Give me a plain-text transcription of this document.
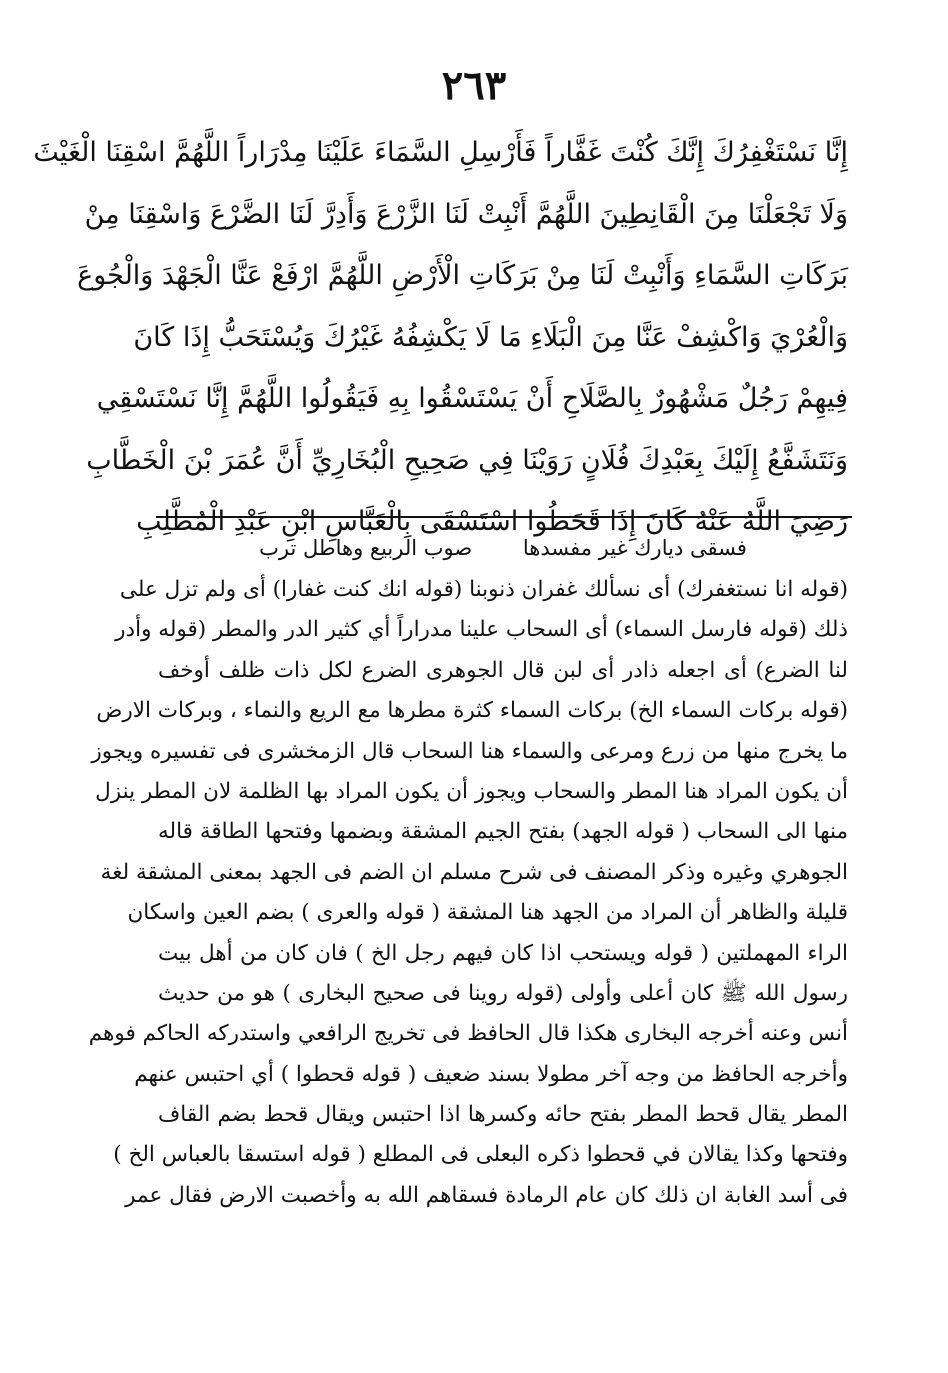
٢٦٣
إِنَّا نَسْتَغْفِرُكَ إِنَّكَ كُنْتَ غَفَّاراً فَأَرْسِلِ السَّمَاءَ عَلَيْنَا مِدْرَاراً اللَّهُمَّ اسْقِنَا الْغَيْثَ
وَلَا تَجْعَلْنَا مِنَ الْقَانِطِينَ اللَّهُمَّ أَنْبِتْ لَنَا الزَّرْعَ وَأَدِرَّ لَنَا الضَّرْعَ وَاسْقِنَا مِنْ
بَرَكَاتِ السَّمَاءِ وَأَنْبِتْ لَنَا مِنْ بَرَكَاتِ الْأَرْضِ اللَّهُمَّ ارْفَعْ عَنَّا الْجَهْدَ وَالْجُوعَ
وَالْعُرْيَ وَاكْشِفْ عَنَّا مِنَ الْبَلَاءِ مَا لَا يَكْشِفُهُ غَيْرُكَ وَيُسْتَحَبُّ إِذَا كَانَ
فِيهِمْ رَجُلٌ مَشْهُورٌ بِالصَّلَاحِ أَنْ يَسْتَسْقُوا بِهِ فَيَقُولُوا اللَّهُمَّ إِنَّا نَسْتَسْقِي
وَنَتَشَفَّعُ إِلَيْكَ بِعَبْدِكَ فُلَانٍ رَوَيْنَا فِي صَحِيحِ الْبُخَارِيِّ أَنَّ عُمَرَ بْنَ الْخَطَّابِ
رَضِيَ اللَّهُ عَنْهُ كَانَ إِذَا قَحَطُوا اسْتَسْقَى بِالْعَبَّاسِ ابْنِ عَبْدِ الْمُطَّلِبِ
فسقى ديارك غير مفسدها صوب الربيع وهاطل ترب
(قوله انا نستغفرك) أى نسألك غفران ذنوبنا (قوله انك كنت غفارا) أى ولم تزل على
ذلك (قوله فارسل السماء) أى السحاب علينا مدراراً أي كثير الدر والمطر (قوله وأدر
لنا الضرع) أى اجعله ذادر أى لبن قال الجوهرى الضرع لكل ذات ظلف أوخف
(قوله بركات السماء الخ) بركات السماء كثرة مطرها مع الريع والنماء ، وبركات الارض
ما يخرج منها من زرع ومرعى والسماء هنا السحاب قال الزمخشرى فى تفسيره ويجوز
أن يكون المراد هنا المطر والسحاب ويجوز أن يكون المراد بها الظلمة لان المطر ينزل
منها الى السحاب ( قوله الجهد) بفتح الجيم المشقة وبضمها وفتحها الطاقة قاله
الجوهري وغيره وذكر المصنف فى شرح مسلم ان الضم فى الجهد بمعنى المشقة لغة
قليلة والظاهر أن المراد من الجهد هنا المشقة ( قوله والعرى ) بضم العين واسكان
الراء المهملتين ( قوله ويستحب اذا كان فيهم رجل الخ ) فان كان من أهل بيت
رسول الله ﷺ كان أعلى وأولى (قوله روينا فى صحيح البخارى ) هو من حديث
أنس وعنه أخرجه البخارى هكذا قال الحافظ فى تخريج الرافعي واستدركه الحاكم فوهم
وأخرجه الحافظ من وجه آخر مطولا بسند ضعيف ( قوله قحطوا ) أي احتبس عنهم
المطر يقال قحط المطر بفتح حائه وكسرها اذا احتبس ويقال قحط بضم القاف
وفتحها وكذا يقالان في قحطوا ذكره البعلى فى المطلع ( قوله استسقا بالعباس الخ )
فى أسد الغابة ان ذلك كان عام الرمادة فسقاهم الله به وأخصبت الارض فقال عمر
